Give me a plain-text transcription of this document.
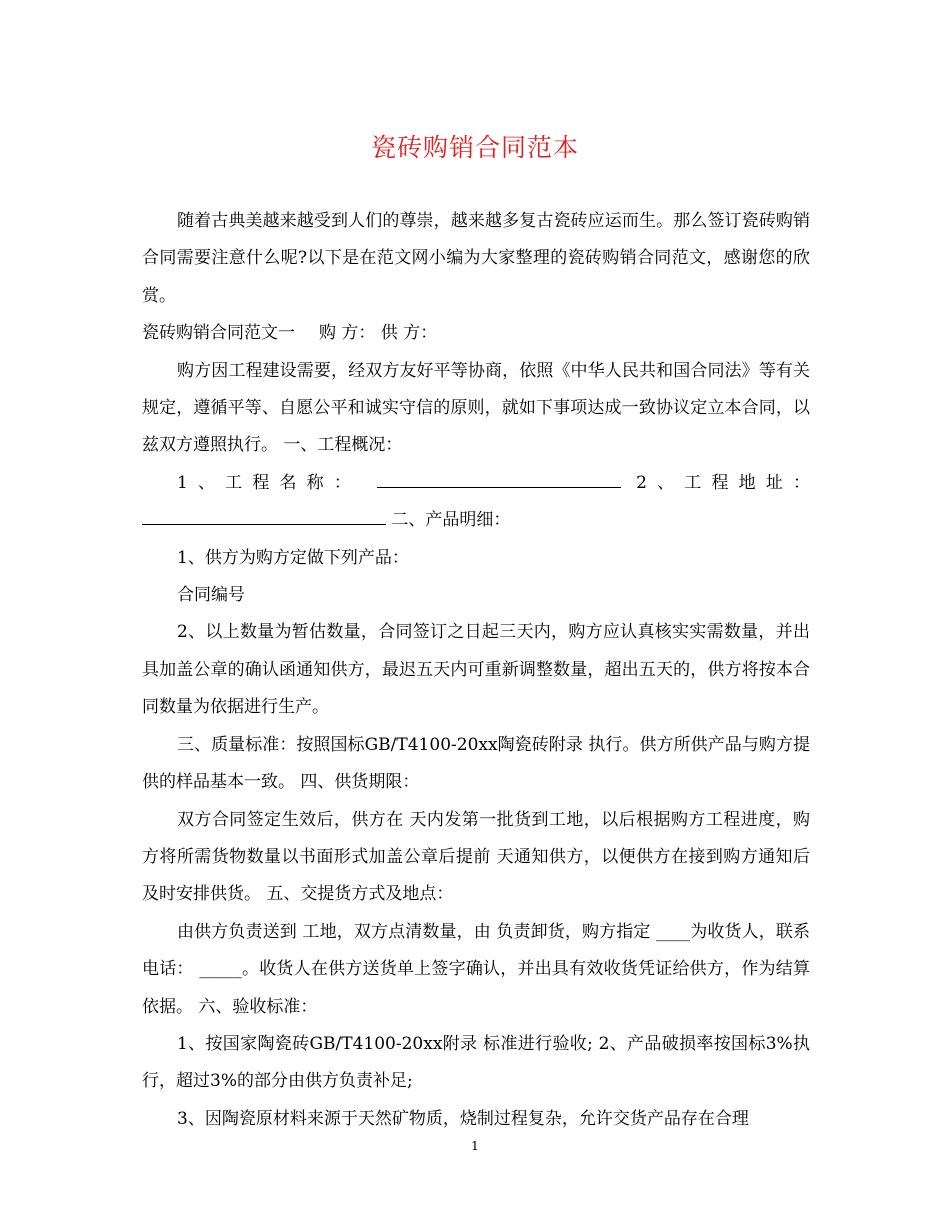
瓷砖购销合同范本

随着古典美越来越受到人们的尊崇，越来越多复古瓷砖应运而生。那么签订瓷砖购销合同需要注意什么呢?以下是在范文网小编为大家整理的瓷砖购销合同范文，感谢您的欣赏。

瓷砖购销合同范文一 购 方： 供 方：

购方因工程建设需要，经双方友好平等协商，依照《中华人民共和国合同法》等有关规定，遵循平等、自愿公平和诚实守信的原则，就如下事项达成一致协议定立本合同，以兹双方遵照执行。 一、工程概况：

1、工程名称：	2、工程地址：  二、产品明细：

1、供方为购方定做下列产品：

合同编号

2、以上数量为暂估数量，合同签订之日起三天内，购方应认真核实实需数量，并出具加盖公章的确认函通知供方，最迟五天内可重新调整数量，超出五天的，供方将按本合同数量为依据进行生产。

三、质量标准：按照国标GB/T4100-20xx陶瓷砖附录 执行。供方所供产品与购方提供的样品基本一致。 四、供货期限：

双方合同签定生效后，供方在 天内发第一批货到工地，以后根据购方工程进度，购方将所需货物数量以书面形式加盖公章后提前 天通知供方，以便供方在接到购方通知后及时安排供货。 五、交提货方式及地点：

由供方负责送到 工地，双方点清数量，由 负责卸货，购方指定 ____为收货人，联系电话： _____。收货人在供方送货单上签字确认，并出具有效收货凭证给供方，作为结算依据。 六、验收标准：

1、按国家陶瓷砖GB/T4100-20xx附录 标准进行验收; 2、产品破损率按国标3%执行，超过3%的部分由供方负责补足;

3、因陶瓷原材料来源于天然矿物质，烧制过程复杂，允许交货产品存在合理

1
